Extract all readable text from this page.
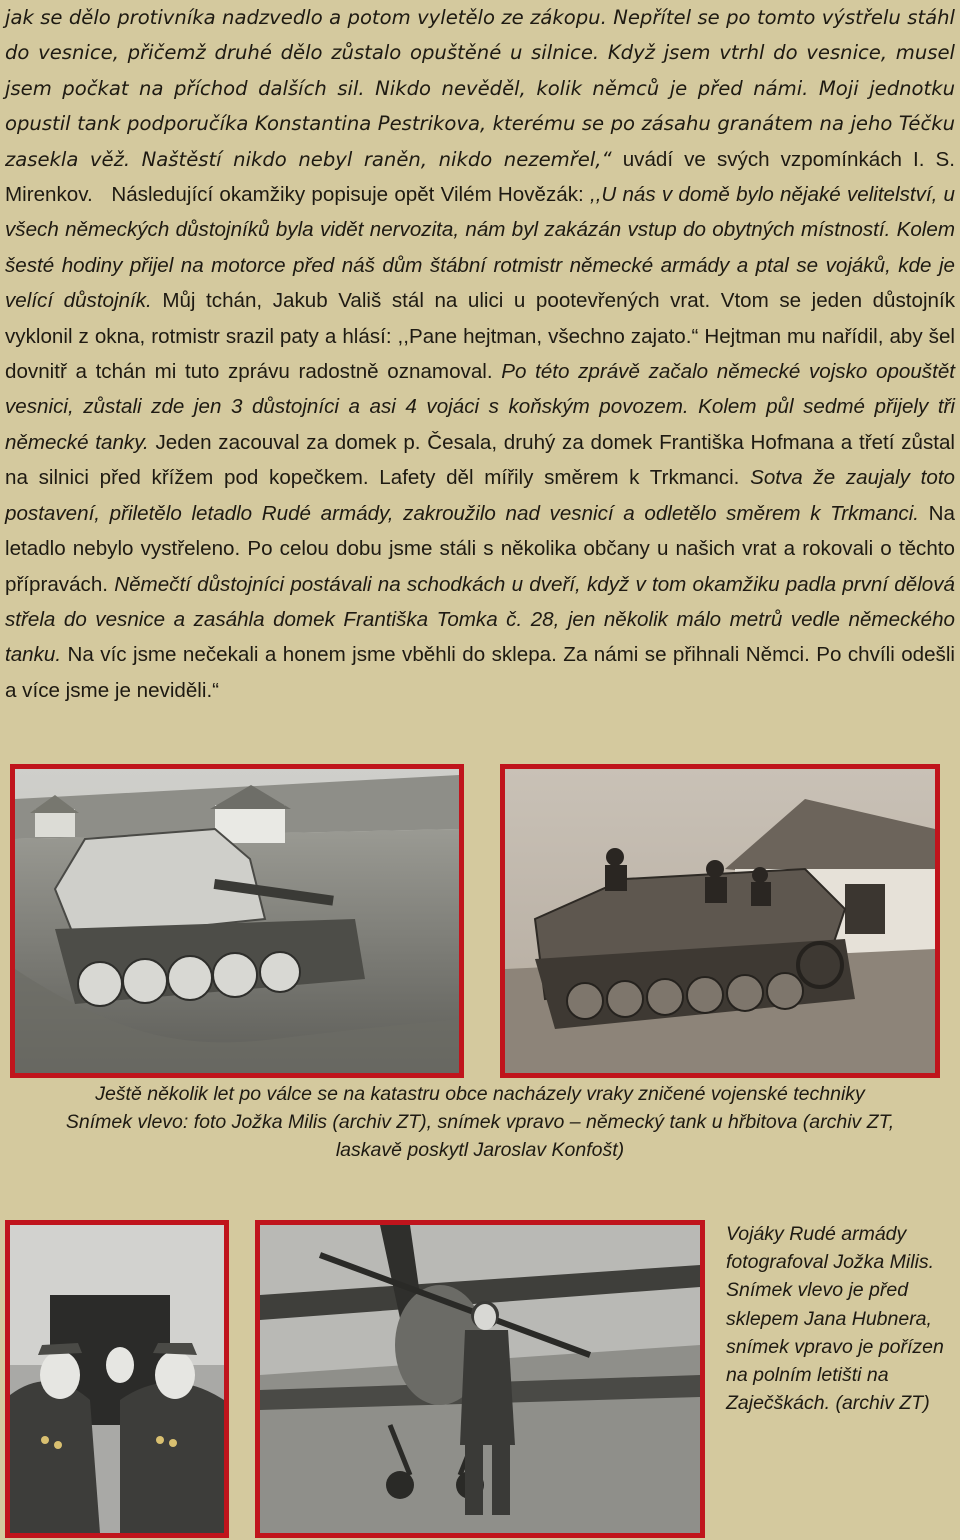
jak se dělo protivníka nadzvedlo a potom vyletělo ze zákopu. Nepřítel se po tomto výstřelu stáhl do vesnice, přičemž druhé dělo zůstalo opuštěné u silnice. Když jsem vtrhl do vesnice, musel jsem počkat na příchod dalších sil. Nikdo nevěděl, kolik němců je před námi. Moji jednotku opustil tank podporučíka Konstantina Pestrikova, kterému se po zásahu granátem na jeho Téčku zasekla věž. Naštěstí nikdo nebyl raněn, nikdo nezemřel,“ uvádí ve svých vzpomínkách I. S. Mirenkov.   Následující okamžiky popisuje opět Vilém Hovězák: ,,U nás v domě bylo nějaké velitelství, u všech německých důstojníků byla vidět nervozita, nám byl zakázán vstup do obytných místností. Kolem šesté hodiny přijel na motorce před náš dům štábní rotmistr německé armády a ptal se vojáků, kde je velící důstojník. Můj tchán, Jakub Vališ stál na ulici u pootevřených vrat. Vtom se jeden důstojník vyklonil z okna, rotmistr srazil paty a hlásí: ,,Pane hejtman, všechno zajato.“ Hejtman mu nařídil, aby šel dovnitř a tchán mi tuto zprávu radostně oznamoval. Po této zprávě začalo německé vojsko opouštět vesnici, zůstali zde jen 3 důstojníci a asi 4 vojáci s koňským povozem. Kolem půl sedmé přijely tři německé tanky. Jeden zacouval za domek p. Česala, druhý za domek Františka Hofmana a třetí zůstal na silnici před křížem pod kopečkem. Lafety děl mířily směrem k Trkmanci. Sotva že zaujaly toto postavení, přiletělo letadlo Rudé armády, zakroužilo nad vesnicí a odletělo směrem k Trkmanci. Na letadlo nebylo vystřeleno. Po celou dobu jsme stáli s několika občany u našich vrat a rokovali o těchto přípravách. Němečtí důstojníci postávali na schodkách u dveří, když v tom okamžiku padla první dělová střela do vesnice a zasáhla domek Františka Tomka č. 28, jen několik málo metrů vedle německého tanku. Na víc jsme nečekali a honem jsme vběhli do sklepa. Za námi se přihnali Němci. Po chvíli odešli a více jsme je neviděli.“
Ještě několik let po válce se na katastru obce nacházely vraky zničené vojenské techniky
Snímek vlevo: foto Jožka Milis (archiv ZT), snímek vpravo – německý tank u hřbitova (archiv ZT,
laskavě poskytl Jaroslav Konfošt)
Vojáky Rudé armády fotografoval Jožka Milis. Snímek vlevo je před sklepem Jana Hubnera, snímek vpravo je pořízen na polním letišti na Zaječškách. (archiv ZT)
